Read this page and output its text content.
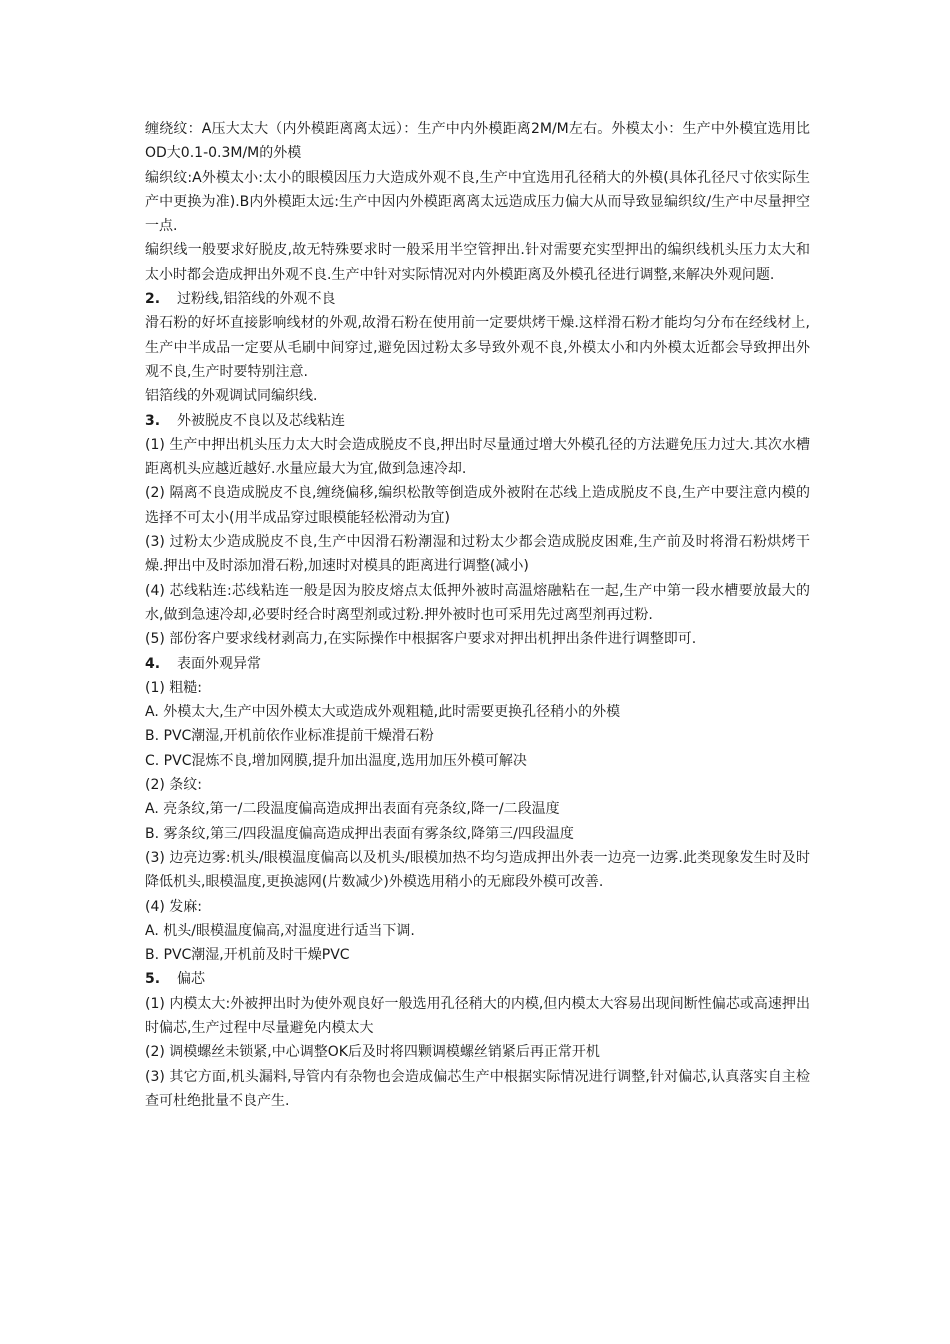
缠绕纹：A压大太大（内外模距离离太远）：生产中内外模距离2M/M左右。外模太小：生产中外模宜选用比OD大0.1-0.3M/M的外模

编织纹:A外模太小:太小的眼模因压力大造成外观不良,生产中宜选用孔径稍大的外模(具体孔径尺寸依实际生产中更换为准).B内外模距太远:生产中因内外模距离离太远造成压力偏大从而导致显编织纹/生产中尽量押空一点.

编织线一般要求好脱皮,故无特殊要求时一般采用半空管押出.针对需要充实型押出的编织线机头压力太大和太小时都会造成押出外观不良.生产中针对实际情况对内外模距离及外模孔径进行调整,来解决外观问题.

2. 过粉线,铝箔线的外观不良

滑石粉的好坏直接影响线材的外观,故滑石粉在使用前一定要烘烤干燥.这样滑石粉才能均匀分布在经线材上,生产中半成品一定要从毛刷中间穿过,避免因过粉太多导致外观不良,外模太小和内外模太近都会导致押出外观不良,生产时要特别注意.

铝箔线的外观调试同编织线.

3. 外被脱皮不良以及芯线粘连

(1) 生产中押出机头压力太大时会造成脱皮不良,押出时尽量通过增大外模孔径的方法避免压力过大.其次水槽距离机头应越近越好.水量应最大为宜,做到急速冷却.

(2) 隔离不良造成脱皮不良,缠绕偏移,编织松散等倒造成外被附在芯线上造成脱皮不良,生产中要注意内模的选择不可太小(用半成品穿过眼模能轻松滑动为宜)

(3) 过粉太少造成脱皮不良,生产中因滑石粉潮湿和过粉太少都会造成脱皮困难,生产前及时将滑石粉烘烤干燥.押出中及时添加滑石粉,加速时对模具的距离进行调整(减小)

(4) 芯线粘连:芯线粘连一般是因为胶皮熔点太低押外被时高温熔融粘在一起,生产中第一段水槽要放最大的水,做到急速冷却,必要时经合时离型剂或过粉.押外被时也可采用先过离型剂再过粉.

(5) 部份客户要求线材剥高力,在实际操作中根据客户要求对押出机押出条件进行调整即可.

4. 表面外观异常

(1) 粗糙:

A. 外模太大,生产中因外模太大或造成外观粗糙,此时需要更换孔径稍小的外模

B. PVC潮湿,开机前依作业标准提前干燥滑石粉

C. PVC混炼不良,增加网膜,提升加出温度,选用加压外模可解决

(2) 条纹:

A. 亮条纹,第一/二段温度偏高造成押出表面有亮条纹,降一/二段温度

B. 雾条纹,第三/四段温度偏高造成押出表面有雾条纹,降第三/四段温度

(3) 边亮边雾:机头/眼模温度偏高以及机头/眼模加热不均匀造成押出外表一边亮一边雾.此类现象发生时及时降低机头,眼模温度,更换滤网(片数减少)外模选用稍小的无廊段外模可改善.

(4) 发麻:

A. 机头/眼模温度偏高,对温度进行适当下调.

B. PVC潮湿,开机前及时干燥PVC

5. 偏芯

(1) 内模太大:外被押出时为使外观良好一般选用孔径稍大的内模,但内模太大容易出现间断性偏芯或高速押出时偏芯,生产过程中尽量避免内模太大

(2) 调模螺丝未锁紧,中心调整OK后及时将四颗调模螺丝销紧后再正常开机

(3) 其它方面,机头漏料,导管内有杂物也会造成偏芯生产中根据实际情况进行调整,针对偏芯,认真落实自主检查可杜绝批量不良产生.
